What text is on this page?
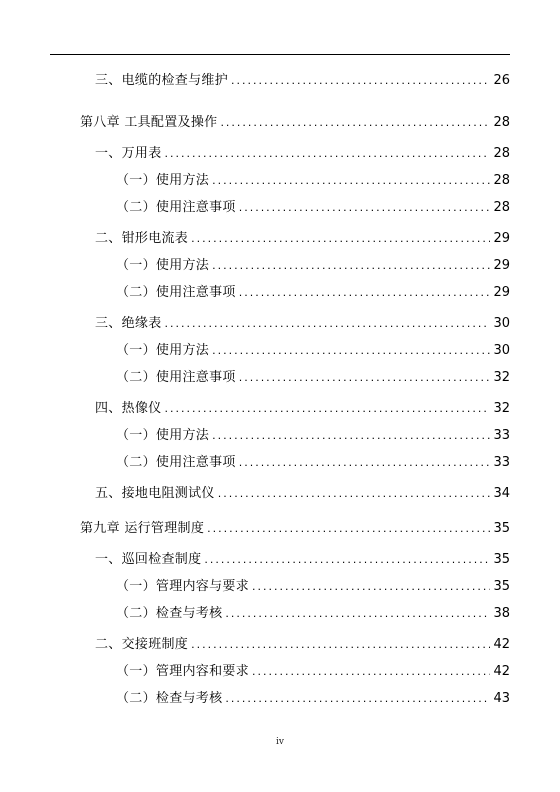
三、电缆的检查与维护 .....	26
第八章 工具配置及操作 .....	28
一、万用表 .....	28
（一）使用方法 .....	28
（二）使用注意事项 .....	28
二、钳形电流表 .....	29
（一）使用方法 .....	29
（二）使用注意事项 .....	29
三、绝缘表 .....	30
（一）使用方法 .....	30
（二）使用注意事项 .....	32
四、热像仪 .....	32
（一）使用方法 .....	33
（二）使用注意事项 .....	33
五、接地电阻测试仪 .....	34
第九章 运行管理制度 .....	35
一、巡回检查制度 .....	35
（一）管理内容与要求 .....	35
（二）检查与考核 .....	38
二、交接班制度 .....	42
（一）管理内容和要求 .....	42
（二）检查与考核 .....	43
iv
